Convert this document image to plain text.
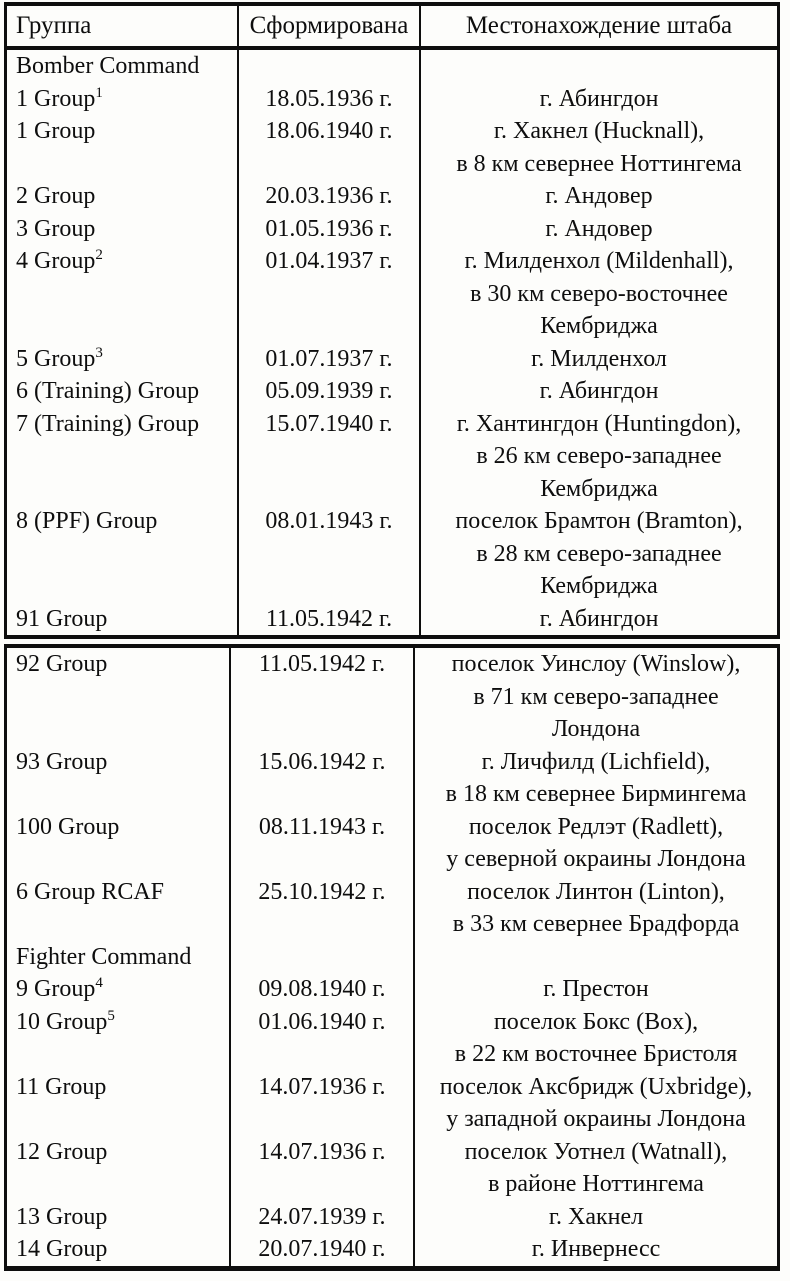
Группа	Сформирована	Местонахождение штаба
Bomber Command
1 Group$^1$	18.05.1936 г.	г. Абингдон
1 Group	18.06.1940 г.	г. Хакнел (Hucknall),
в 8 км севернее Ноттингема
2 Group	20.03.1936 г.	г. Андовер
3 Group	01.05.1936 г.	г. Андовер
4 Group$^2$	01.04.1937 г.	г. Милденхол (Mildenhall),
в 30 км северо-восточнее
Кембриджа
5 Group$^3$	01.07.1937 г.	г. Милденхол
6 (Training) Group	05.09.1939 г.	г. Абингдон
7 (Training) Group	15.07.1940 г.	г. Хантингдон (Huntingdon),
в 26 км северо-западнее
Кембриджа
8 (PPF) Group	08.01.1943 г.	поселок Брамтон (Bramton),
в 28 км северо-западнее
Кембриджа
91 Group	11.05.1942 г.	г. Абингдон
92 Group	11.05.1942 г.	поселок Уинслоу (Winslow),
в 71 км северо-западнее
Лондона
93 Group	15.06.1942 г.	г. Личфилд (Lichfield),
в 18 км севернее Бирмингема
100 Group	08.11.1943 г.	поселок Редлэт (Radlett),
у северной окраины Лондона
6 Group RCAF	25.10.1942 г.	поселок Линтон (Linton),
в 33 км севернее Брадфорда
Fighter Command
9 Group$^4$	09.08.1940 г.	г. Престон
10 Group$^5$	01.06.1940 г.	поселок Бокс (Box),
в 22 км восточнее Бристоля
11 Group	14.07.1936 г.	поселок Аксбридж (Uxbridge),
у западной окраины Лондона
12 Group	14.07.1936 г.	поселок Уотнел (Watnall),
в районе Ноттингема
13 Group	24.07.1939 г.	г. Хакнел
14 Group	20.07.1940 г.	г. Инвернесс
